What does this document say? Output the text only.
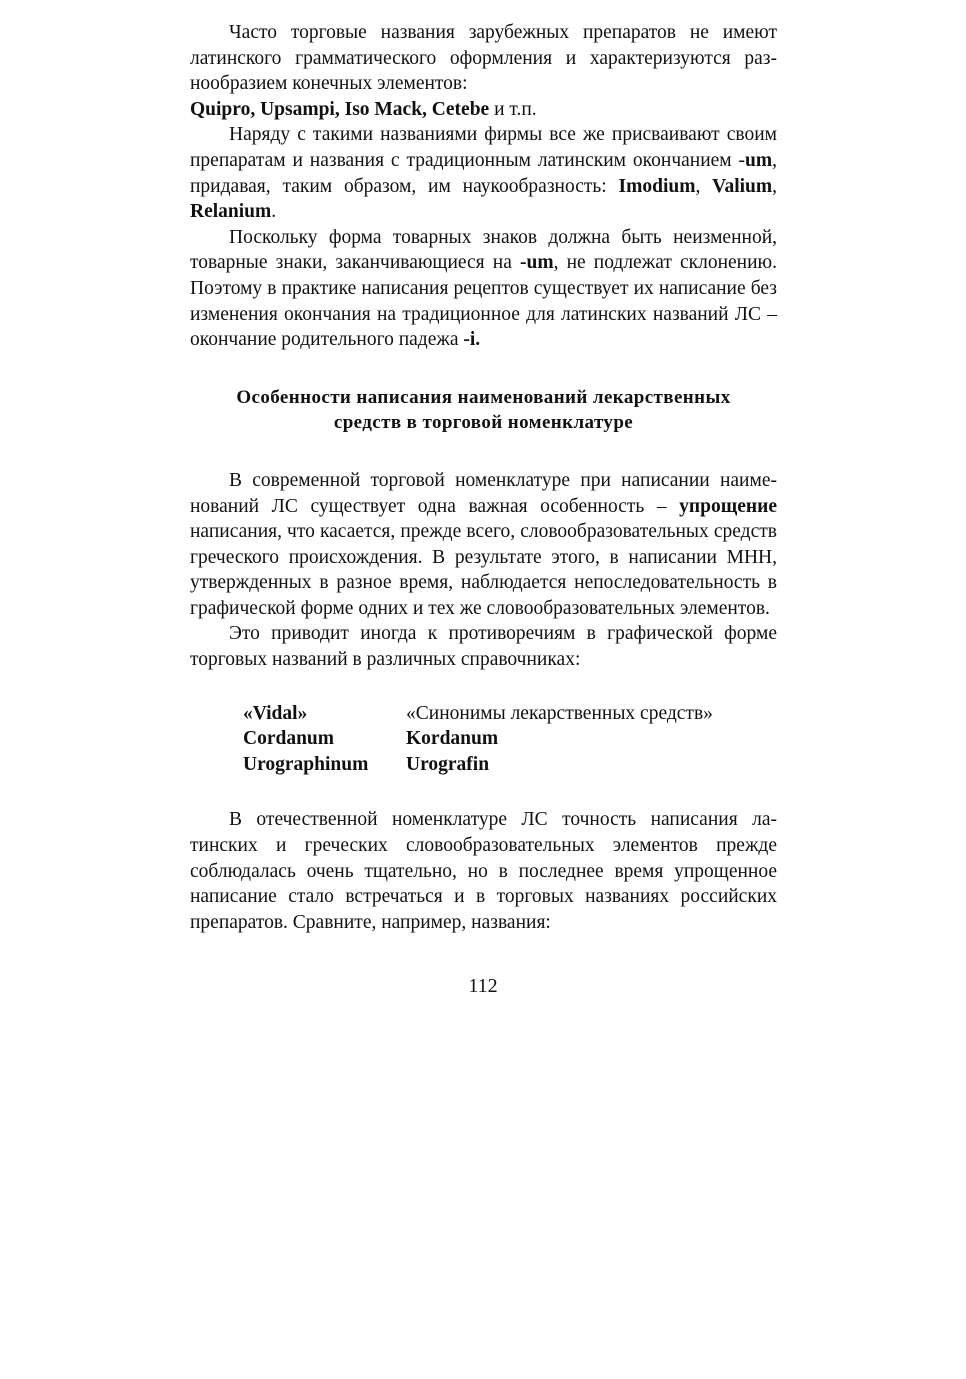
Часто торговые названия зарубежных препаратов не имеют латинского грамматического оформления и характеризуются разнообразием конечных элементов:

Quipro, Upsampi, Iso Mack, Cetebe и т.п.

Наряду с такими названиями фирмы все же присваивают своим препаратам и названия с традиционным латинским окончанием -um, придавая, таким образом, им наукообразность: Imodium, Valium, Relanium.

Поскольку форма товарных знаков должна быть неизменной, товарные знаки, заканчивающиеся на -um, не подлежат склонению. Поэтому в практике написания рецептов существует их написание без изменения окончания на традиционное для латинских названий ЛС – окончание родительного падежа -i.

Особенности написания наименований лекарственных
средств в торговой номенклатуре

В современной торговой номенклатуре при написании наименований ЛС существует одна важная особенность – упрощение написания, что касается, прежде всего, словообразовательных средств греческого происхождения. В результате этого, в написании МНН, утвержденных в разное время, наблюдается непоследовательность в графической форме одних и тех же словообразовательных элементов.

Это приводит иногда к противоречиям в графической форме торговых названий в различных справочниках:

«Vidal»	«Синонимы лекарственных средств»
Cordanum	Kordanum
Urographinum	Urografin

В отечественной номенклатуре ЛС точность написания латинских и греческих словообразовательных элементов прежде соблюдалась очень тщательно, но в последнее время упрощенное написание стало встречаться и в торговых названиях российских препаратов. Сравните, например, названия:

112
